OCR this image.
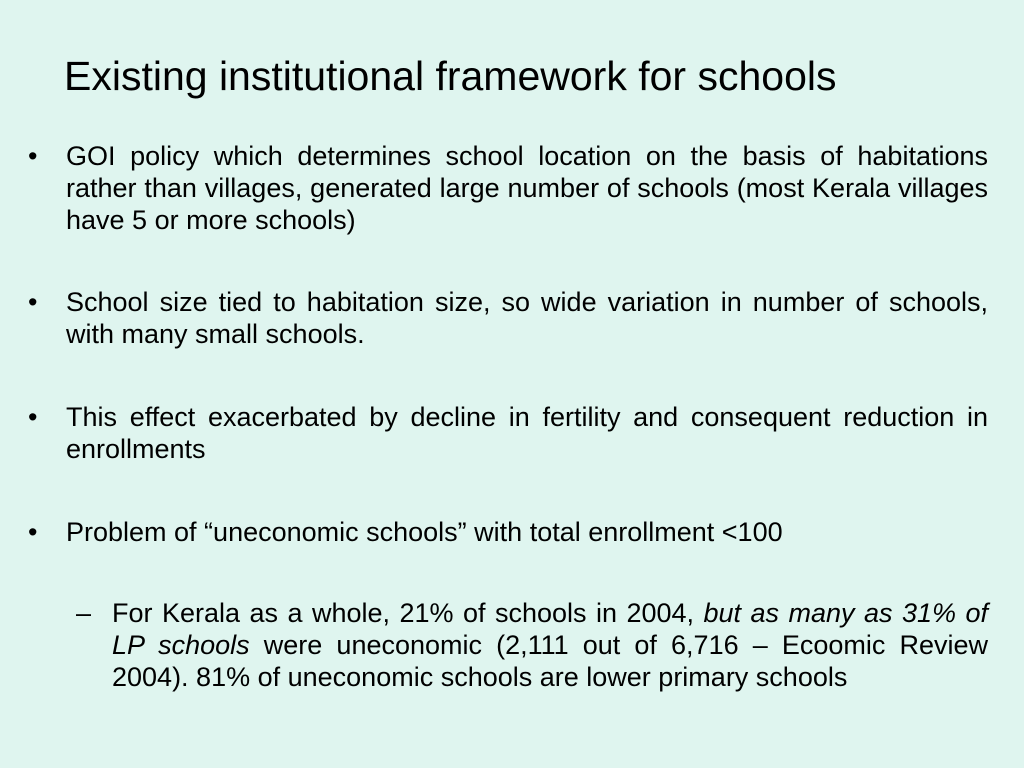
Existing institutional framework for schools
• GOI policy which determines school location on the basis of habitations rather than villages, generated large number of schools (most Kerala villages have 5 or more schools)
• School size tied to habitation size, so wide variation in number of schools, with many small schools.
• This effect exacerbated by decline in fertility and consequent reduction in enrollments
• Problem of “uneconomic schools” with total enrollment <100
– For Kerala as a whole, 21% of schools in 2004, but as many as 31% of LP schools were uneconomic (2,111 out of 6,716 – Ecoomic Review 2004). 81% of uneconomic schools are lower primary schools
